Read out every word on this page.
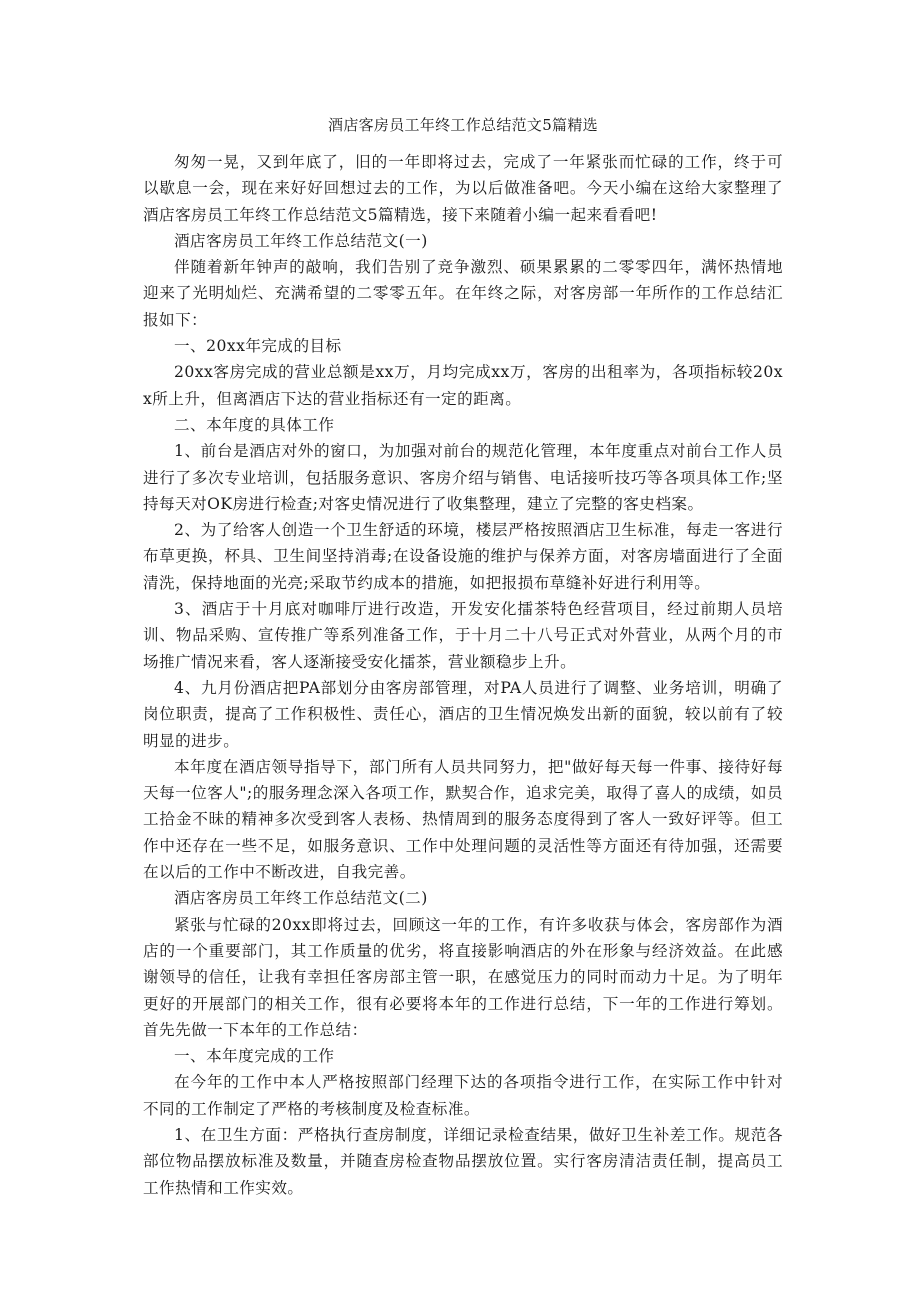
酒店客房员工年终工作总结范文5篇精选

匆匆一晃，又到年底了，旧的一年即将过去，完成了一年紧张而忙碌的工作，终于可以歇息一会，现在来好好回想过去的工作，为以后做准备吧。今天小编在这给大家整理了酒店客房员工年终工作总结范文5篇精选，接下来随着小编一起来看看吧!

酒店客房员工年终工作总结范文(一)

伴随着新年钟声的敲响，我们告别了竞争激烈、硕果累累的二零零四年，满怀热情地迎来了光明灿烂、充满希望的二零零五年。在年终之际，对客房部一年所作的工作总结汇报如下：

一、20xx年完成的目标

20xx客房完成的营业总额是xx万，月均完成xx万，客房的出租率为，各项指标较20xx所上升，但离酒店下达的营业指标还有一定的距离。

二、本年度的具体工作

1、前台是酒店对外的窗口，为加强对前台的规范化管理，本年度重点对前台工作人员进行了多次专业培训，包括服务意识、客房介绍与销售、电话接听技巧等各项具体工作;坚持每天对OK房进行检查;对客史情况进行了收集整理，建立了完整的客史档案。

2、为了给客人创造一个卫生舒适的环境，楼层严格按照酒店卫生标准，每走一客进行布草更换，杯具、卫生间坚持消毒;在设备设施的维护与保养方面，对客房墙面进行了全面清洗，保持地面的光亮;采取节约成本的措施，如把报损布草缝补好进行利用等。

3、酒店于十月底对咖啡厅进行改造，开发安化擂茶特色经营项目，经过前期人员培训、物品采购、宣传推广等系列准备工作，于十月二十八号正式对外营业，从两个月的市场推广情况来看，客人逐渐接受安化擂茶，营业额稳步上升。

4、九月份酒店把PA部划分由客房部管理，对PA人员进行了调整、业务培训，明确了岗位职责，提高了工作积极性、责任心，酒店的卫生情况焕发出新的面貌，较以前有了较明显的进步。

本年度在酒店领导指导下，部门所有人员共同努力，把"做好每天每一件事、接待好每天每一位客人";的服务理念深入各项工作，默契合作，追求完美，取得了喜人的成绩，如员工拾金不昧的精神多次受到客人表杨、热情周到的服务态度得到了客人一致好评等。但工作中还存在一些不足，如服务意识、工作中处理问题的灵活性等方面还有待加强，还需要在以后的工作中不断改进，自我完善。

酒店客房员工年终工作总结范文(二)

紧张与忙碌的20xx即将过去，回顾这一年的工作，有许多收获与体会，客房部作为酒店的一个重要部门，其工作质量的优劣，将直接影响酒店的外在形象与经济效益。在此感谢领导的信任，让我有幸担任客房部主管一职，在感觉压力的同时而动力十足。为了明年更好的开展部门的相关工作，很有必要将本年的工作进行总结，下一年的工作进行筹划。首先先做一下本年的工作总结：

一、本年度完成的工作

在今年的工作中本人严格按照部门经理下达的各项指令进行工作，在实际工作中针对不同的工作制定了严格的考核制度及检查标准。

1、在卫生方面：严格执行查房制度，详细记录检查结果，做好卫生补差工作。规范各部位物品摆放标准及数量，并随查房检查物品摆放位置。实行客房清洁责任制，提高员工工作热情和工作实效。
